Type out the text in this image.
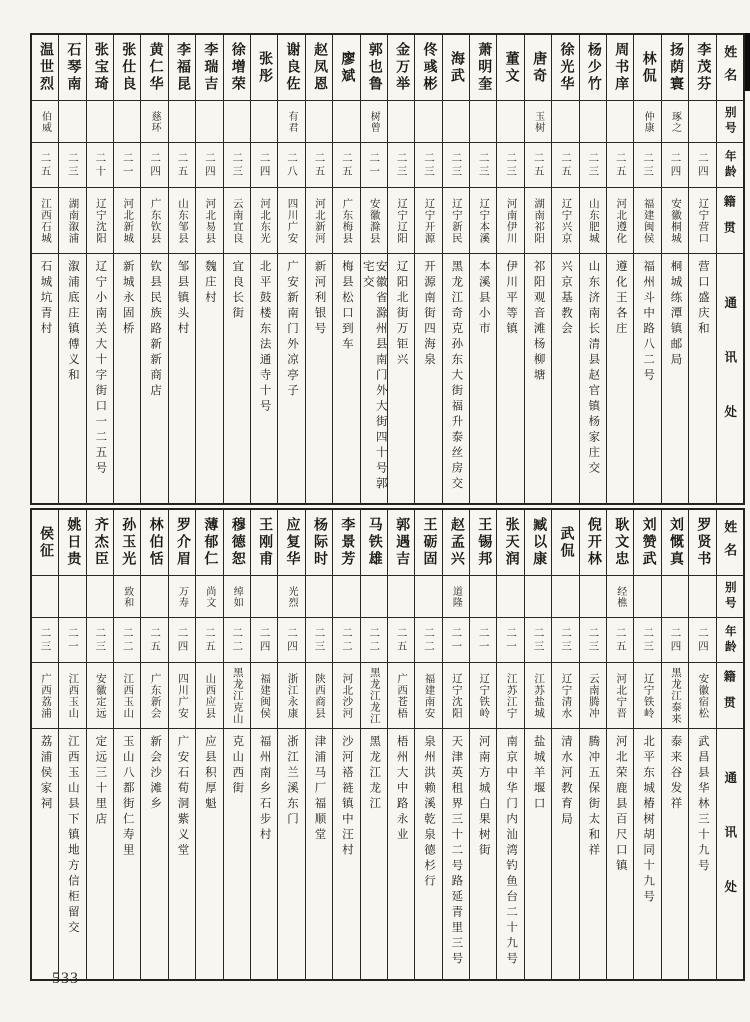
姓名
别号
年龄
籍贯
通讯处
李茂芬
二四
辽宁营口
营口盛庆和
扬荫寰
琢之
二四
安徽桐城
桐城练潭镇邮局
林侃
仲康
二三
福建闽侯
福州斗中路八二号
周书庠
二五
河北遵化
遵化王各庄
杨少竹
二三
山东肥城
山东济南长清县赵官镇杨家庄交
徐光华
二五
辽宁兴京
兴京基教会
唐奇
玉树
二五
湖南祁阳
祁阳观音滩杨柳塘
董文
二三
河南伊川
伊川平等镇
萧明奎
二三
辽宁本溪
本溪县小市
海武
二三
辽宁新民
黑龙江奇克孙东大街福升泰丝房交
佟彧彬
二三
辽宁开源
开源南街四海泉
金万举
二三
辽宁辽阳
辽阳北街万钜兴
郭也鲁
树曾
二一
安徽滁县
安徽省滁州县南门外大街四十号郭宅交
廖斌
二五
广东梅县
梅县松口到车
赵凤恩
二五
河北新河
新河利银号
谢良佐
有君
二八
四川广安
广安新南门外凉亭子
张彤
二四
河北东光
北平鼓楼东法通寺十号
徐增荣
二三
云南宜良
宜良长街
李瑞吉
二四
河北易县
魏庄村
李福昆
二五
山东邹县
邹县镇头村
黄仁华
慈环
二四
广东钦县
钦县民族路新新商店
张仕良
二一
河北新城
新城永固桥
张宝琦
二十
辽宁沈阳
辽宁小南关大十字街口一二五号
石琴南
二三
湖南溆浦
溆浦底庄镇傅义和
温世烈
伯威
二五
江西石城
石城坑青村
姓名
别号
年龄
籍贯
通讯处
罗贤书
二四
安徽宿松
武昌县华林三十九号
刘慨真
二四
黑龙江泰来
泰来谷发祥
刘赞武
二三
辽宁铁岭
北平东城椿树胡同十九号
耿文忠
经樵
二五
河北宁晋
河北荣鹿县百尺口镇
倪开林
二三
云南腾冲
腾冲五保街太和祥
武侃
二三
辽宁清水
清水河教育局
臧以康
二三
江苏盐城
盐城羊堰口
张天润
二一
江苏江宁
南京中华门内汕湾钓鱼台二十九号
王锡邦
二一
辽宁铁岭
河南方城白果树街
赵孟兴
道隆
二一
辽宁沈阳
天津英租界三十二号路延青里三号
王砺固
二二
福建南安
泉州洪赖溪乾泉德杉行
郭遇吉
二五
广西苍梧
梧州大中路永业
马铁雄
二二
黑龙江龙江
黑龙江龙江
李景芳
二二
河北沙河
沙河褡裢镇中汪村
杨际时
二三
陕西商县
津浦马厂福顺堂
应复华
光烈
二四
浙江永康
浙江兰溪东门
王刚甫
二四
福建闽侯
福州南乡石步村
穆德恕
绰如
二二
黑龙江克山
克山西街
薄郁仁
尚文
二五
山西应县
应县积厚魁
罗介眉
万寿
二四
四川广安
广安石荀洞紫义堂
林伯恬
二五
广东新会
新会沙滩乡
孙玉光
致和
二二
江西玉山
玉山八都街仁寿里
齐杰臣
二三
安徽定远
定远三十里店
姚日贵
二一
江西玉山
江西玉山县下镇地方信柜留交
侯征
二三
广西荔浦
荔浦侯家祠
533
